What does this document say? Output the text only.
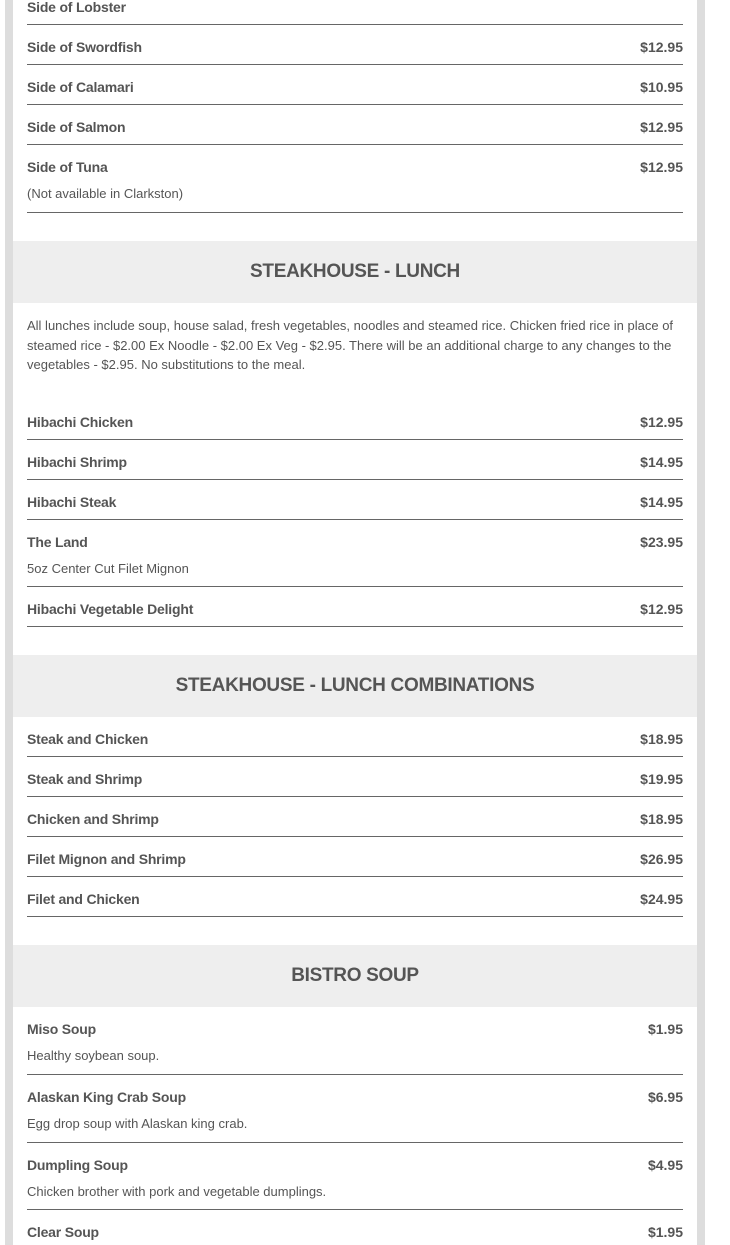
Side of Lobster
Side of Swordfish	$12.95
Side of Calamari	$10.95
Side of Salmon	$12.95
Side of Tuna	$12.95
(Not available in Clarkston)
STEAKHOUSE - LUNCH
All lunches include soup, house salad, fresh vegetables, noodles and steamed rice. Chicken fried rice in place of steamed rice - $2.00 Ex Noodle - $2.00 Ex Veg - $2.95. There will be an additional charge to any changes to the vegetables - $2.95. No substitutions to the meal.
Hibachi Chicken	$12.95
Hibachi Shrimp	$14.95
Hibachi Steak	$14.95
The Land	$23.95
5oz Center Cut Filet Mignon
Hibachi Vegetable Delight	$12.95
STEAKHOUSE - LUNCH COMBINATIONS
Steak and Chicken	$18.95
Steak and Shrimp	$19.95
Chicken and Shrimp	$18.95
Filet Mignon and Shrimp	$26.95
Filet and Chicken	$24.95
BISTRO SOUP
Miso Soup	$1.95
Healthy soybean soup.
Alaskan King Crab Soup	$6.95
Egg drop soup with Alaskan king crab.
Dumpling Soup	$4.95
Chicken brother with pork and vegetable dumplings.
Clear Soup	$1.95
